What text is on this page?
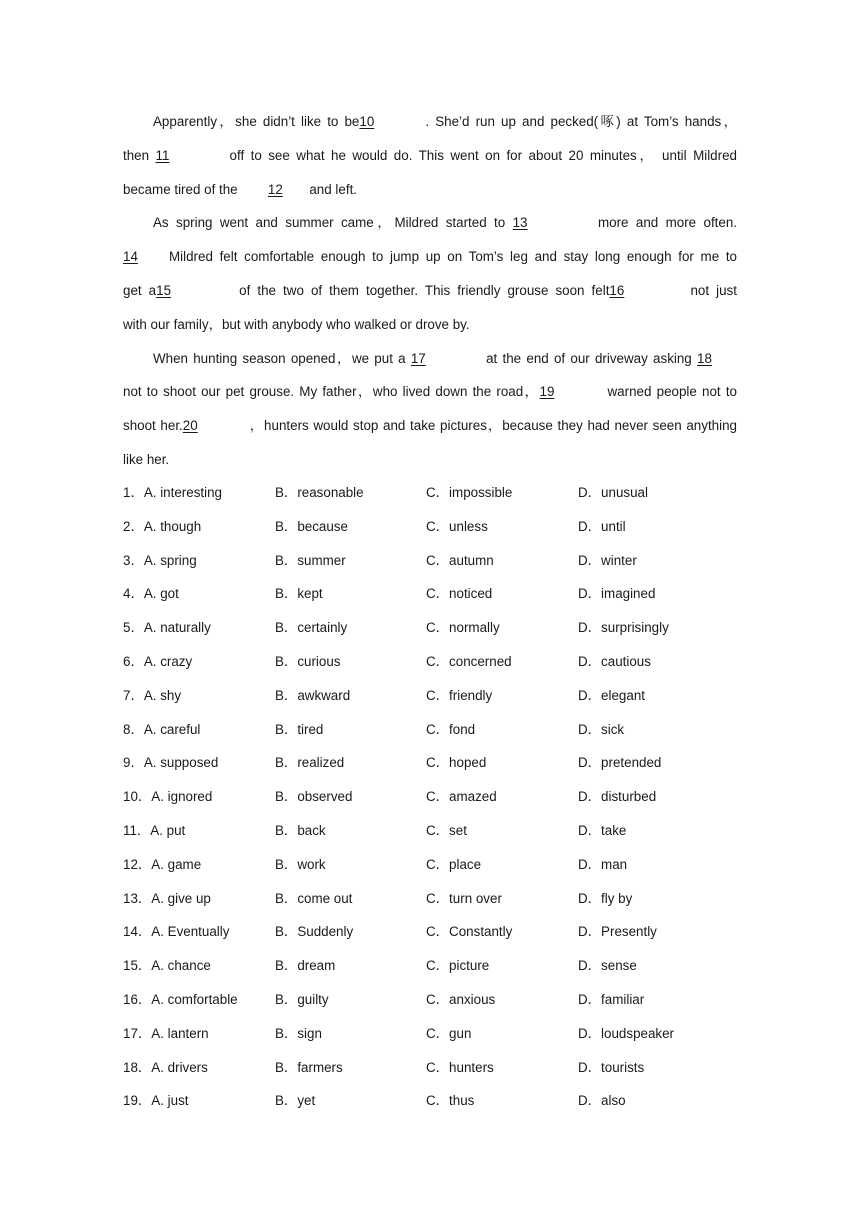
Apparently，she didn’t like to be10	. She’d run up and pecked(啄) at Tom’s hands，
then 11	off to see what he would do. This went on for about 20 minutes， until Mildred
became tired of the 12 and left.
As spring went and summer came，Mildred started to 13	more and more often.
14 Mildred felt comfortable enough to jump up on Tom’s leg and stay long enough for me to
get a15	of the two of them together. This friendly grouse soon felt16	not just
with our family，but with anybody who walked or drove by.
When hunting season opened，we put a 17	at the end of our driveway asking 18
not to shoot our pet grouse. My father，who lived down the road，19	warned people not to
shoot her.20	，hunters would stop and take pictures，because they had never seen anything
like her.
1．A. interesting	B．reasonable	C．impossible	D．unusual
2．A. though	B．because	C．unless	D．until
3．A. spring	B．summer	C．autumn	D．winter
4．A. got	B．kept	C．noticed	D．imagined
5．A. naturally	B．certainly	C．normally	D．surprisingly
6．A. crazy	B．curious	C．concerned	D．cautious
7．A. shy	B．awkward	C．friendly	D．elegant
8．A. careful	B．tired	C．fond	D．sick
9．A. supposed	B．realized	C．hoped	D．pretended
10．A. ignored	B．observed	C．amazed	D．disturbed
11．A. put	B．back	C．set	D．take
12．A. game	B．work	C．place	D．man
13．A. give up	B．come out	C．turn over	D．fly by
14．A. Eventually	B．Suddenly	C．Constantly	D．Presently
15．A. chance	B．dream	C．picture	D．sense
16．A. comfortable	B．guilty	C．anxious	D．familiar
17．A. lantern	B．sign	C．gun	D．loudspeaker
18．A. drivers	B．farmers	C．hunters	D．tourists
19．A. just	B．yet	C．thus	D．also
